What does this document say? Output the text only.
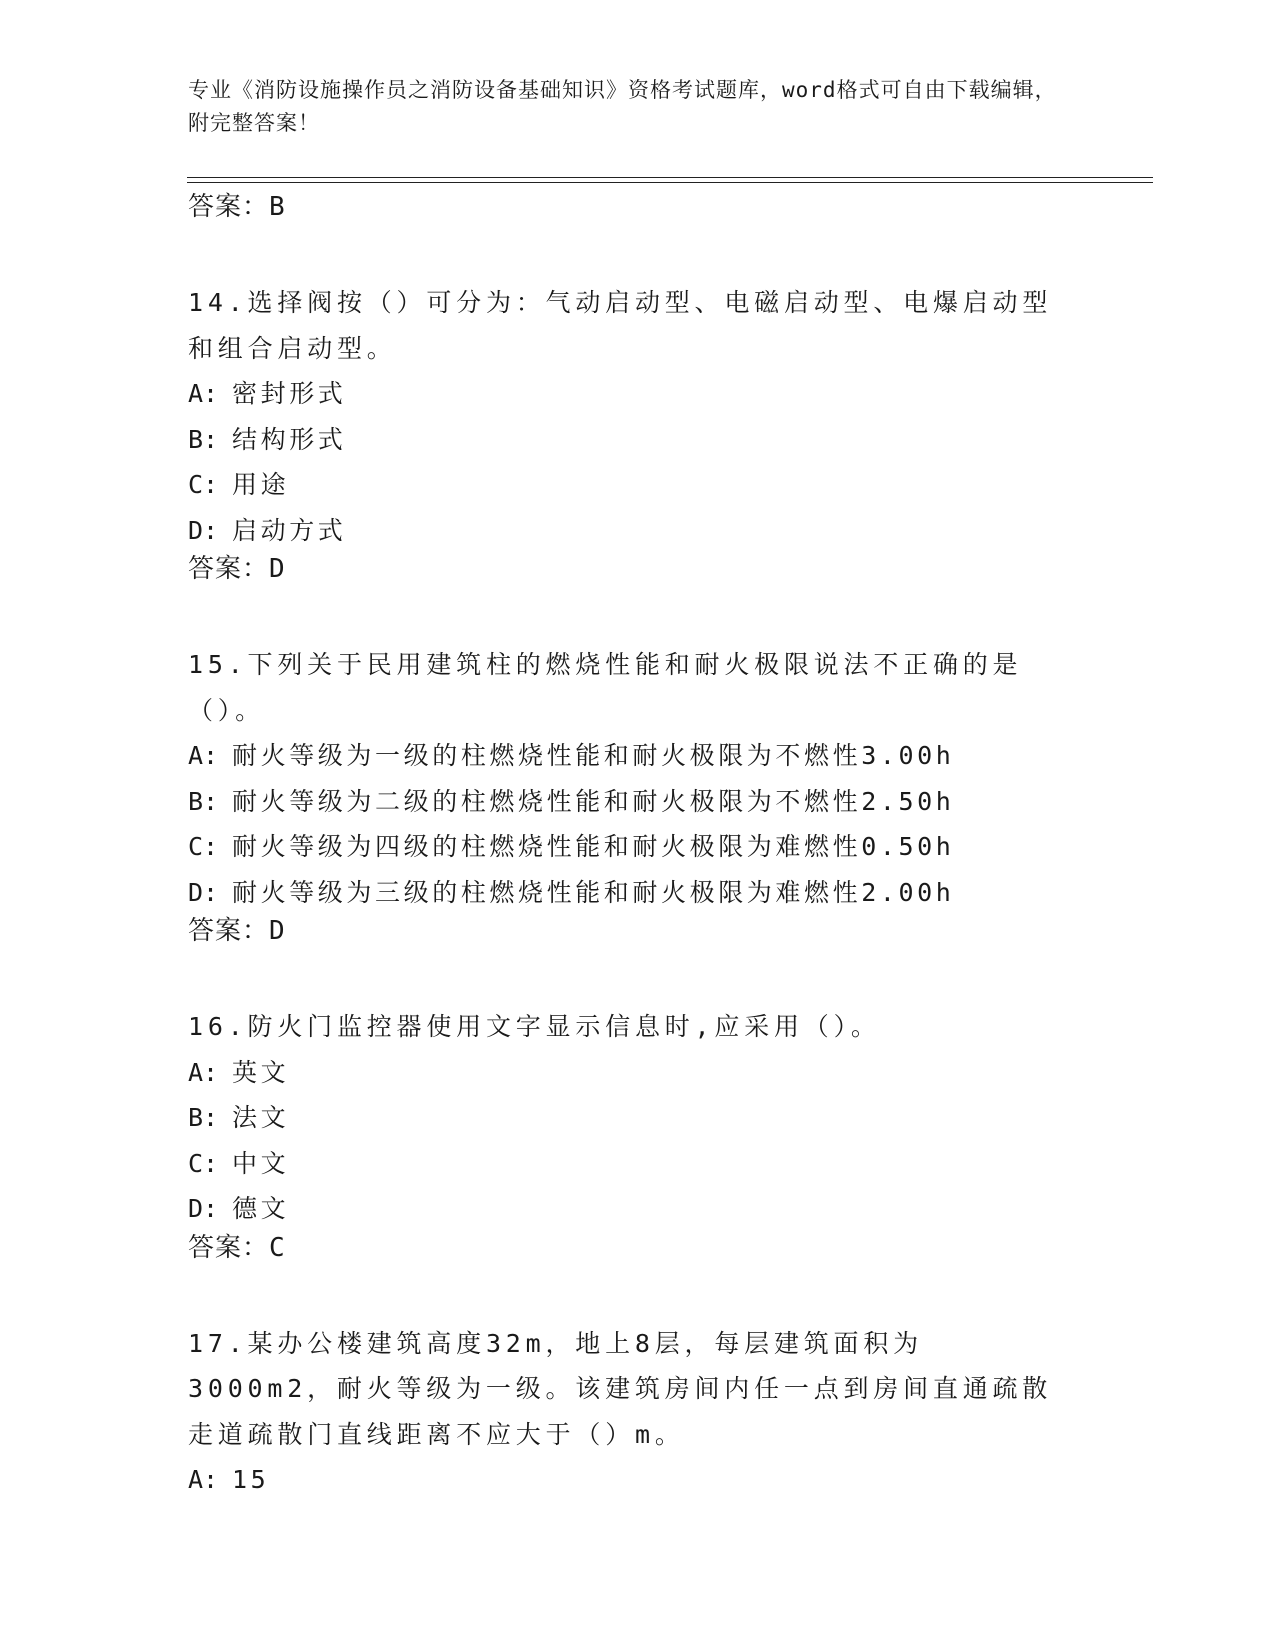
专业《消防设施操作员之消防设备基础知识》资格考试题库，word格式可自由下载编辑，附完整答案！
答案：B
14.选择阀按（）可分为：气动启动型、电磁启动型、电爆启动型和组合启动型。
A: 密封形式
B: 结构形式
C: 用途
D: 启动方式
答案：D
15.下列关于民用建筑柱的燃烧性能和耐火极限说法不正确的是（）。
A: 耐火等级为一级的柱燃烧性能和耐火极限为不燃性3.00h
B: 耐火等级为二级的柱燃烧性能和耐火极限为不燃性2.50h
C: 耐火等级为四级的柱燃烧性能和耐火极限为难燃性0.50h
D: 耐火等级为三级的柱燃烧性能和耐火极限为难燃性2.00h
答案：D
16.防火门监控器使用文字显示信息时,应采用（）。
A: 英文
B: 法文
C: 中文
D: 德文
答案：C
17.某办公楼建筑高度32m，地上8层，每层建筑面积为3000m2，耐火等级为一级。该建筑房间内任一点到房间直通疏散走道疏散门直线距离不应大于（）m。
A: 15
